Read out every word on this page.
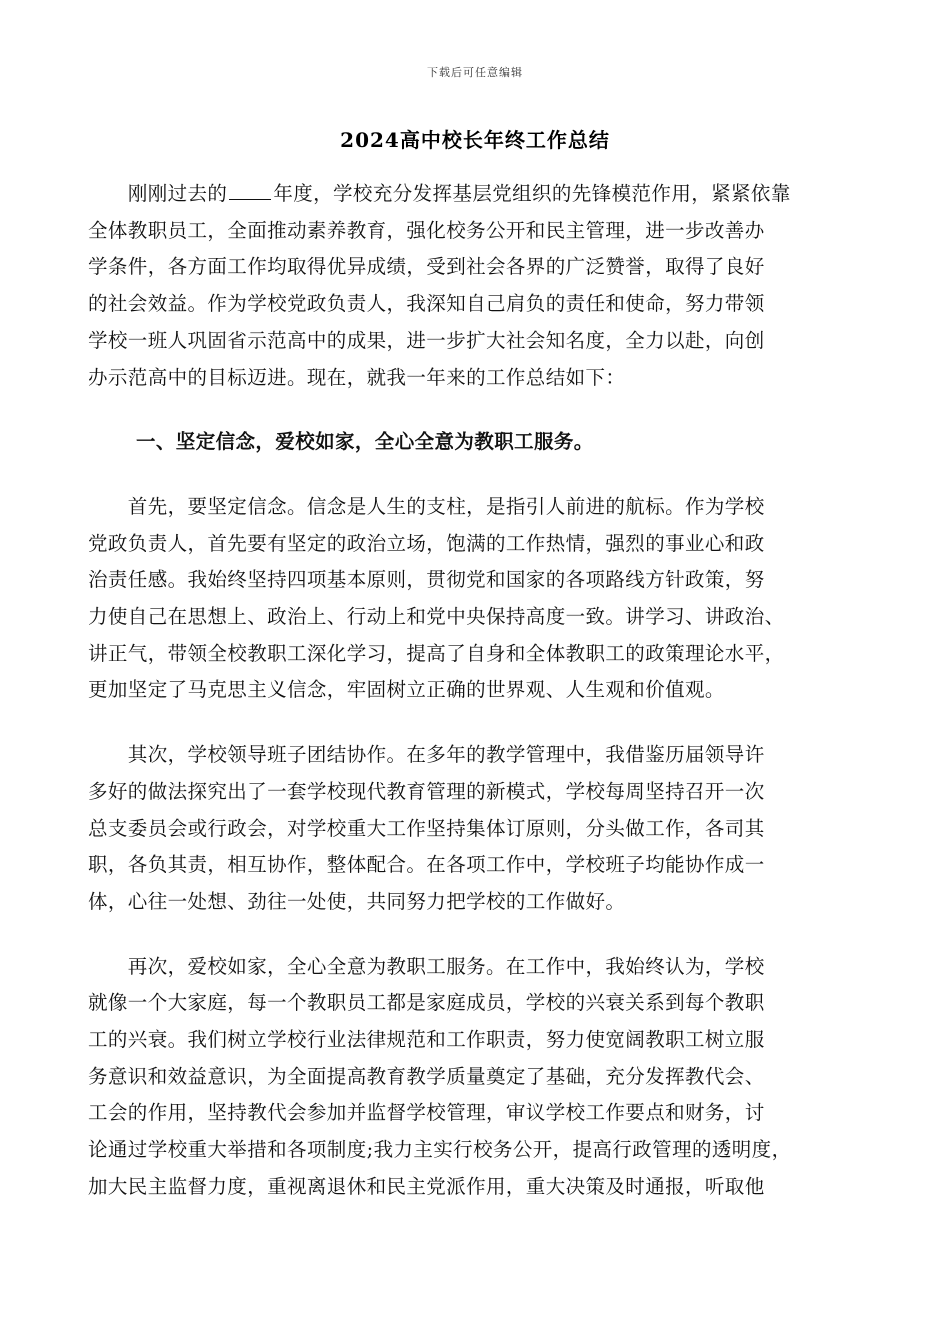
下载后可任意编辑
2024高中校长年终工作总结

　　刚刚过去的 年度，学校充分发挥基层党组织的先锋模范作用，紧紧依靠
全体教职员工，全面推动素养教育，强化校务公开和民主管理，进一步改善办
学条件，各方面工作均取得优异成绩，受到社会各界的广泛赞誉，取得了良好
的社会效益。作为学校党政负责人，我深知自己肩负的责任和使命，努力带领
学校一班人巩固省示范高中的成果，进一步扩大社会知名度，全力以赴，向创
办示范高中的目标迈进。现在，就我一年来的工作总结如下：

一、坚定信念，爱校如家，全心全意为教职工服务。

　　首先，要坚定信念。信念是人生的支柱，是指引人前进的航标。作为学校
党政负责人，首先要有坚定的政治立场，饱满的工作热情，强烈的事业心和政
治责任感。我始终坚持四项基本原则，贯彻党和国家的各项路线方针政策，努
力使自己在思想上、政治上、行动上和党中央保持高度一致。讲学习、讲政治、
讲正气，带领全校教职工深化学习，提高了自身和全体教职工的政策理论水平，
更加坚定了马克思主义信念，牢固树立正确的世界观、人生观和价值观。

　　其次，学校领导班子团结协作。在多年的教学管理中，我借鉴历届领导许
多好的做法探究出了一套学校现代教育管理的新模式，学校每周坚持召开一次
总支委员会或行政会，对学校重大工作坚持集体订原则，分头做工作，各司其
职，各负其责，相互协作，整体配合。在各项工作中，学校班子均能协作成一
体，心往一处想、劲往一处使，共同努力把学校的工作做好。

　　再次，爱校如家，全心全意为教职工服务。在工作中，我始终认为，学校
就像一个大家庭，每一个教职员工都是家庭成员，学校的兴衰关系到每个教职
工的兴衰。我们树立学校行业法律规范和工作职责，努力使宽阔教职工树立服
务意识和效益意识，为全面提高教育教学质量奠定了基础，充分发挥教代会、
工会的作用，坚持教代会参加并监督学校管理，审议学校工作要点和财务，讨
论通过学校重大举措和各项制度;我力主实行校务公开，提高行政管理的透明度，
加大民主监督力度，重视离退休和民主党派作用，重大决策及时通报，听取他
